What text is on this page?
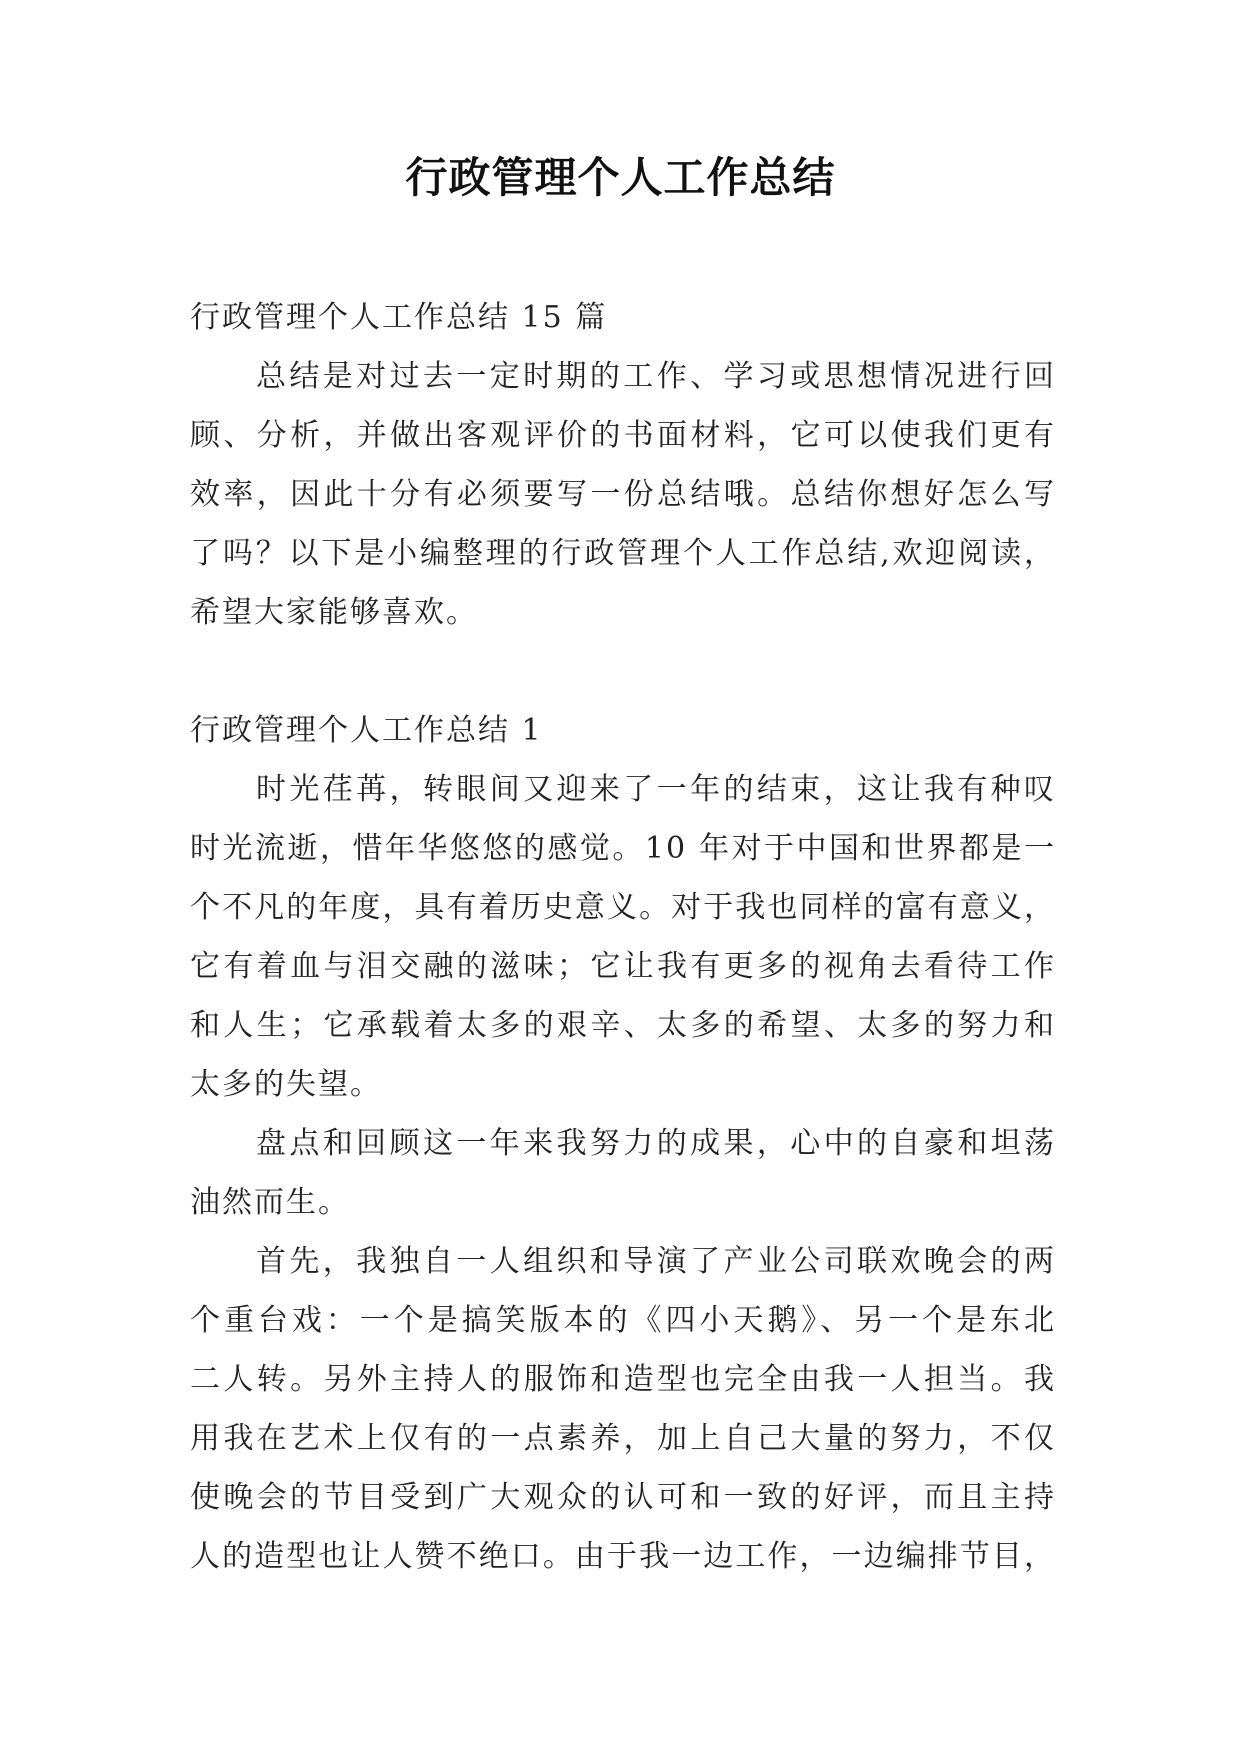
行政管理个人工作总结

行政管理个人工作总结 15 篇

总结是对过去一定时期的工作、学习或思想情况进行回
顾、分析，并做出客观评价的书面材料，它可以使我们更有
效率，因此十分有必须要写一份总结哦。总结你想好怎么写
了吗？以下是小编整理的行政管理个人工作总结,欢迎阅读，
希望大家能够喜欢。

行政管理个人工作总结 1

时光荏苒，转眼间又迎来了一年的结束，这让我有种叹
时光流逝，惜年华悠悠的感觉。10 年对于中国和世界都是一
个不凡的年度，具有着历史意义。对于我也同样的富有意义，
它有着血与泪交融的滋味；它让我有更多的视角去看待工作
和人生；它承载着太多的艰辛、太多的希望、太多的努力和
太多的失望。

盘点和回顾这一年来我努力的成果，心中的自豪和坦荡
油然而生。

首先，我独自一人组织和导演了产业公司联欢晚会的两
个重台戏：一个是搞笑版本的《四小天鹅》、另一个是东北
二人转。另外主持人的服饰和造型也完全由我一人担当。我
用我在艺术上仅有的一点素养，加上自己大量的努力，不仅
使晚会的节目受到广大观众的认可和一致的好评，而且主持
人的造型也让人赞不绝口。由于我一边工作，一边编排节目，
